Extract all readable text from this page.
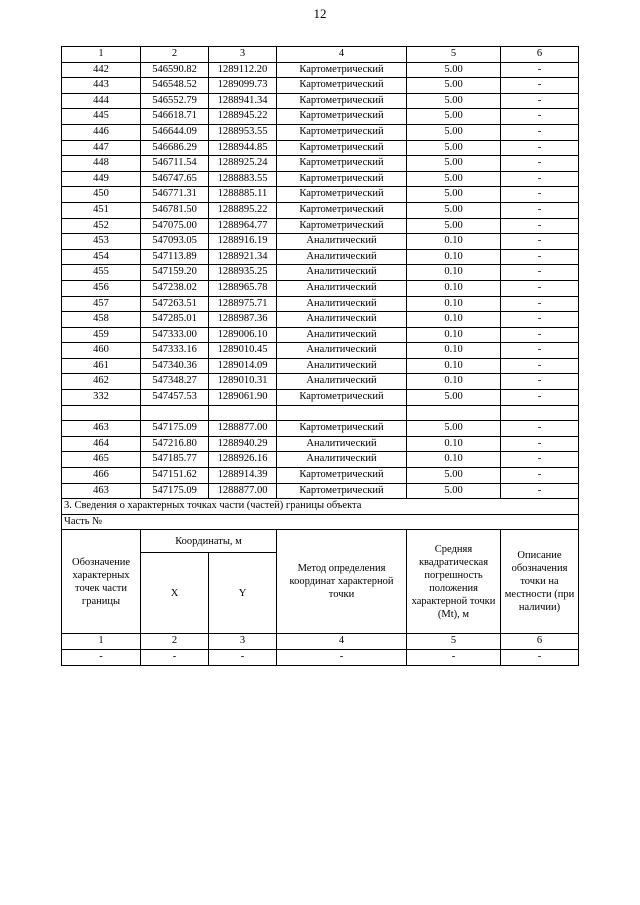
12
1	2	3	4	5	6
442	546590.82	1289112.20	Картометрический	5.00	-
443	546548.52	1289099.73	Картометрический	5.00	-
444	546552.79	1288941.34	Картометрический	5.00	-
445	546618.71	1288945.22	Картометрический	5.00	-
446	546644.09	1288953.55	Картометрический	5.00	-
447	546686.29	1288944.85	Картометрический	5.00	-
448	546711.54	1288925.24	Картометрический	5.00	-
449	546747.65	1288883.55	Картометрический	5.00	-
450	546771.31	1288885.11	Картометрический	5.00	-
451	546781.50	1288895.22	Картометрический	5.00	-
452	547075.00	1288964.77	Картометрический	5.00	-
453	547093.05	1288916.19	Аналитический	0.10	-
454	547113.89	1288921.34	Аналитический	0.10	-
455	547159.20	1288935.25	Аналитический	0.10	-
456	547238.02	1288965.78	Аналитический	0.10	-
457	547263.51	1288975.71	Аналитический	0.10	-
458	547285.01	1288987.36	Аналитический	0.10	-
459	547333.00	1289006.10	Аналитический	0.10	-
460	547333.16	1289010.45	Аналитический	0.10	-
461	547340.36	1289014.09	Аналитический	0.10	-
462	547348.27	1289010.31	Аналитический	0.10	-
332	547457.53	1289061.90	Картометрический	5.00	-

463	547175.09	1288877.00	Картометрический	5.00	-
464	547216.80	1288940.29	Аналитический	0.10	-
465	547185.77	1288926.16	Аналитический	0.10	-
466	547151.62	1288914.39	Картометрический	5.00	-
463	547175.09	1288877.00	Картометрический	5.00	-
3. Сведения о характерных точках части (частей) границы объекта					
Часть №					
Обозначение характерных точек части границы	Координаты, м		Метод определения координат характерной точки	Средняя квадратическая погрешность положения характерной точки (Mt), м	Описание обозначения точки на местности (при наличии)
	X	Y			
1	2	3	4	5	6
-	-	-	-	-	-
